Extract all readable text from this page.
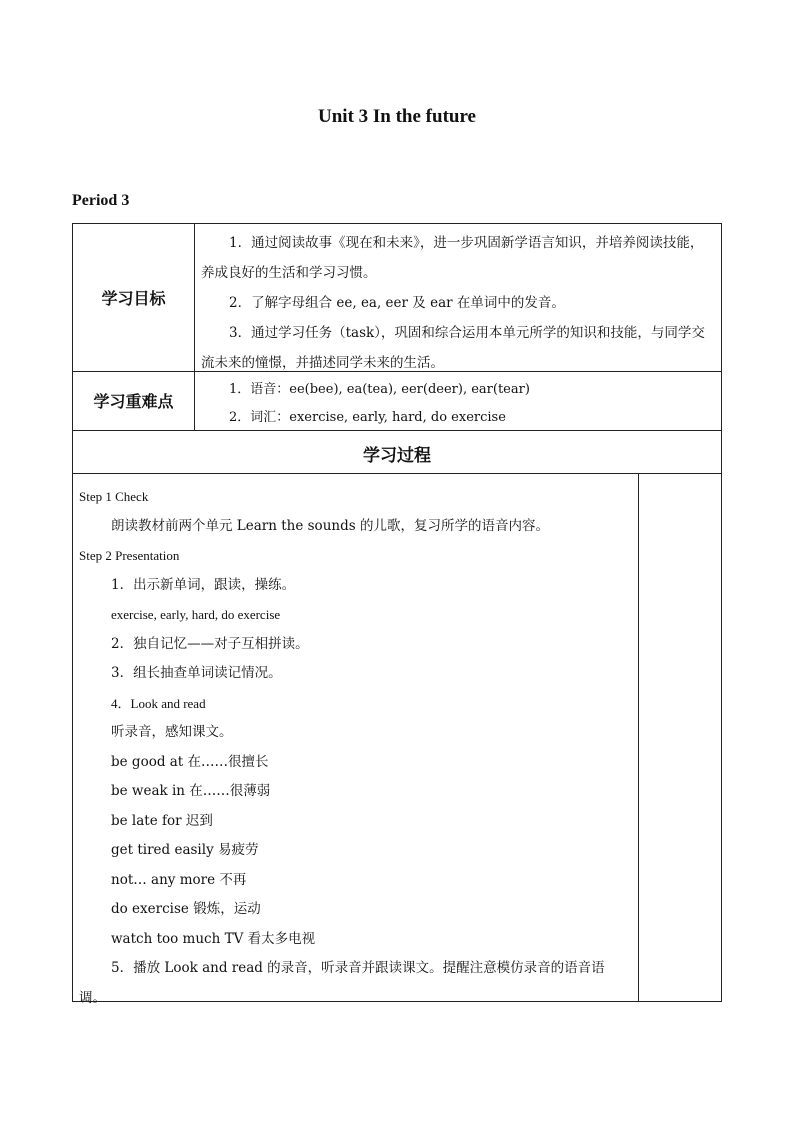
Unit 3 In the future
Period 3
学习目标

1．通过阅读故事《现在和未来》，进一步巩固新学语言知识，并培养阅读技能，养成良好的生活和学习习惯。

2．了解字母组合 ee, ea, eer 及 ear 在单词中的发音。

3．通过学习任务（task），巩固和综合运用本单元所学的知识和技能，与同学交流未来的憧憬，并描述同学未来的生活。

学习重难点

1．语音：ee(bee), ea(tea), eer(deer), ear(tear)

2．词汇：exercise, early, hard, do exercise

学习过程
Step 1 Check
朗读教材前两个单元 Learn the sounds 的儿歌，复习所学的语音内容。
Step 2 Presentation
1．出示新单词，跟读，操练。
exercise, early, hard, do exercise
2．独自记忆——对子互相拼读。
3．组长抽查单词读记情况。
4．Look and read
听录音，感知课文。
be good at 在……很擅长
be weak in 在……很薄弱
be late for 迟到
get tired easily 易疲劳
not… any more 不再
do exercise 锻炼，运动
watch too much TV 看太多电视
5．播放 Look and read 的录音，听录音并跟读课文。提醒注意模仿录音的语音语调。
